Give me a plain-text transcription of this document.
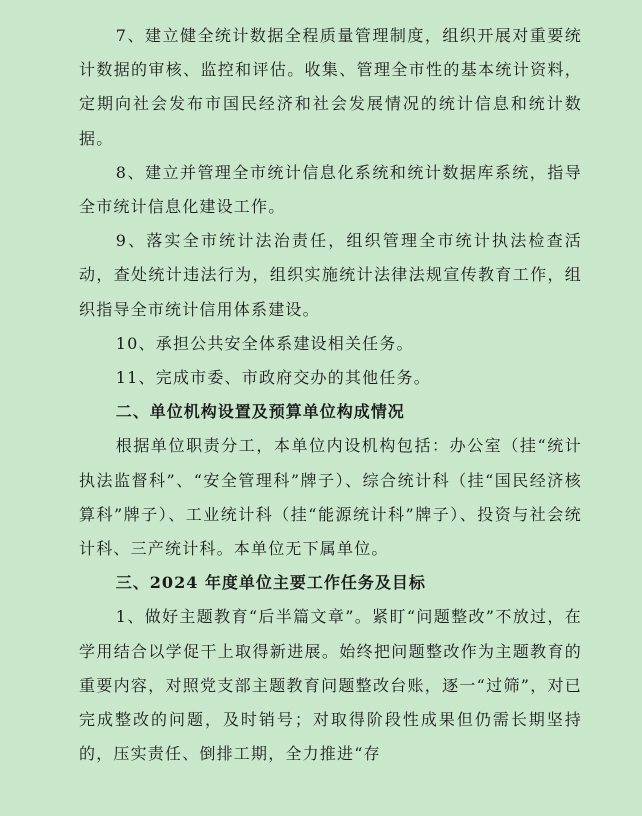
7、建立健全统计数据全程质量管理制度，组织开展对重要统计数据的审核、监控和评估。收集、管理全市性的基本统计资料，定期向社会发布市国民经济和社会发展情况的统计信息和统计数据。

8、建立并管理全市统计信息化系统和统计数据库系统，指导全市统计信息化建设工作。

9、落实全市统计法治责任，组织管理全市统计执法检查活动，查处统计违法行为，组织实施统计法律法规宣传教育工作，组织指导全市统计信用体系建设。

10、承担公共安全体系建设相关任务。

11、完成市委、市政府交办的其他任务。

二、单位机构设置及预算单位构成情况

根据单位职责分工，本单位内设机构包括：办公室（挂“统计执法监督科”、“安全管理科”牌子）、综合统计科（挂“国民经济核算科”牌子）、工业统计科（挂“能源统计科”牌子）、投资与社会统计科、三产统计科。本单位无下属单位。

三、2024 年度单位主要工作任务及目标

1、做好主题教育“后半篇文章”。紧盯“问题整改”不放过，在学用结合以学促干上取得新进展。始终把问题整改作为主题教育的重要内容，对照党支部主题教育问题整改台账，逐一“过筛”，对已完成整改的问题，及时销号；对取得阶段性成果但仍需长期坚持的，压实责任、倒排工期，全力推进“存
